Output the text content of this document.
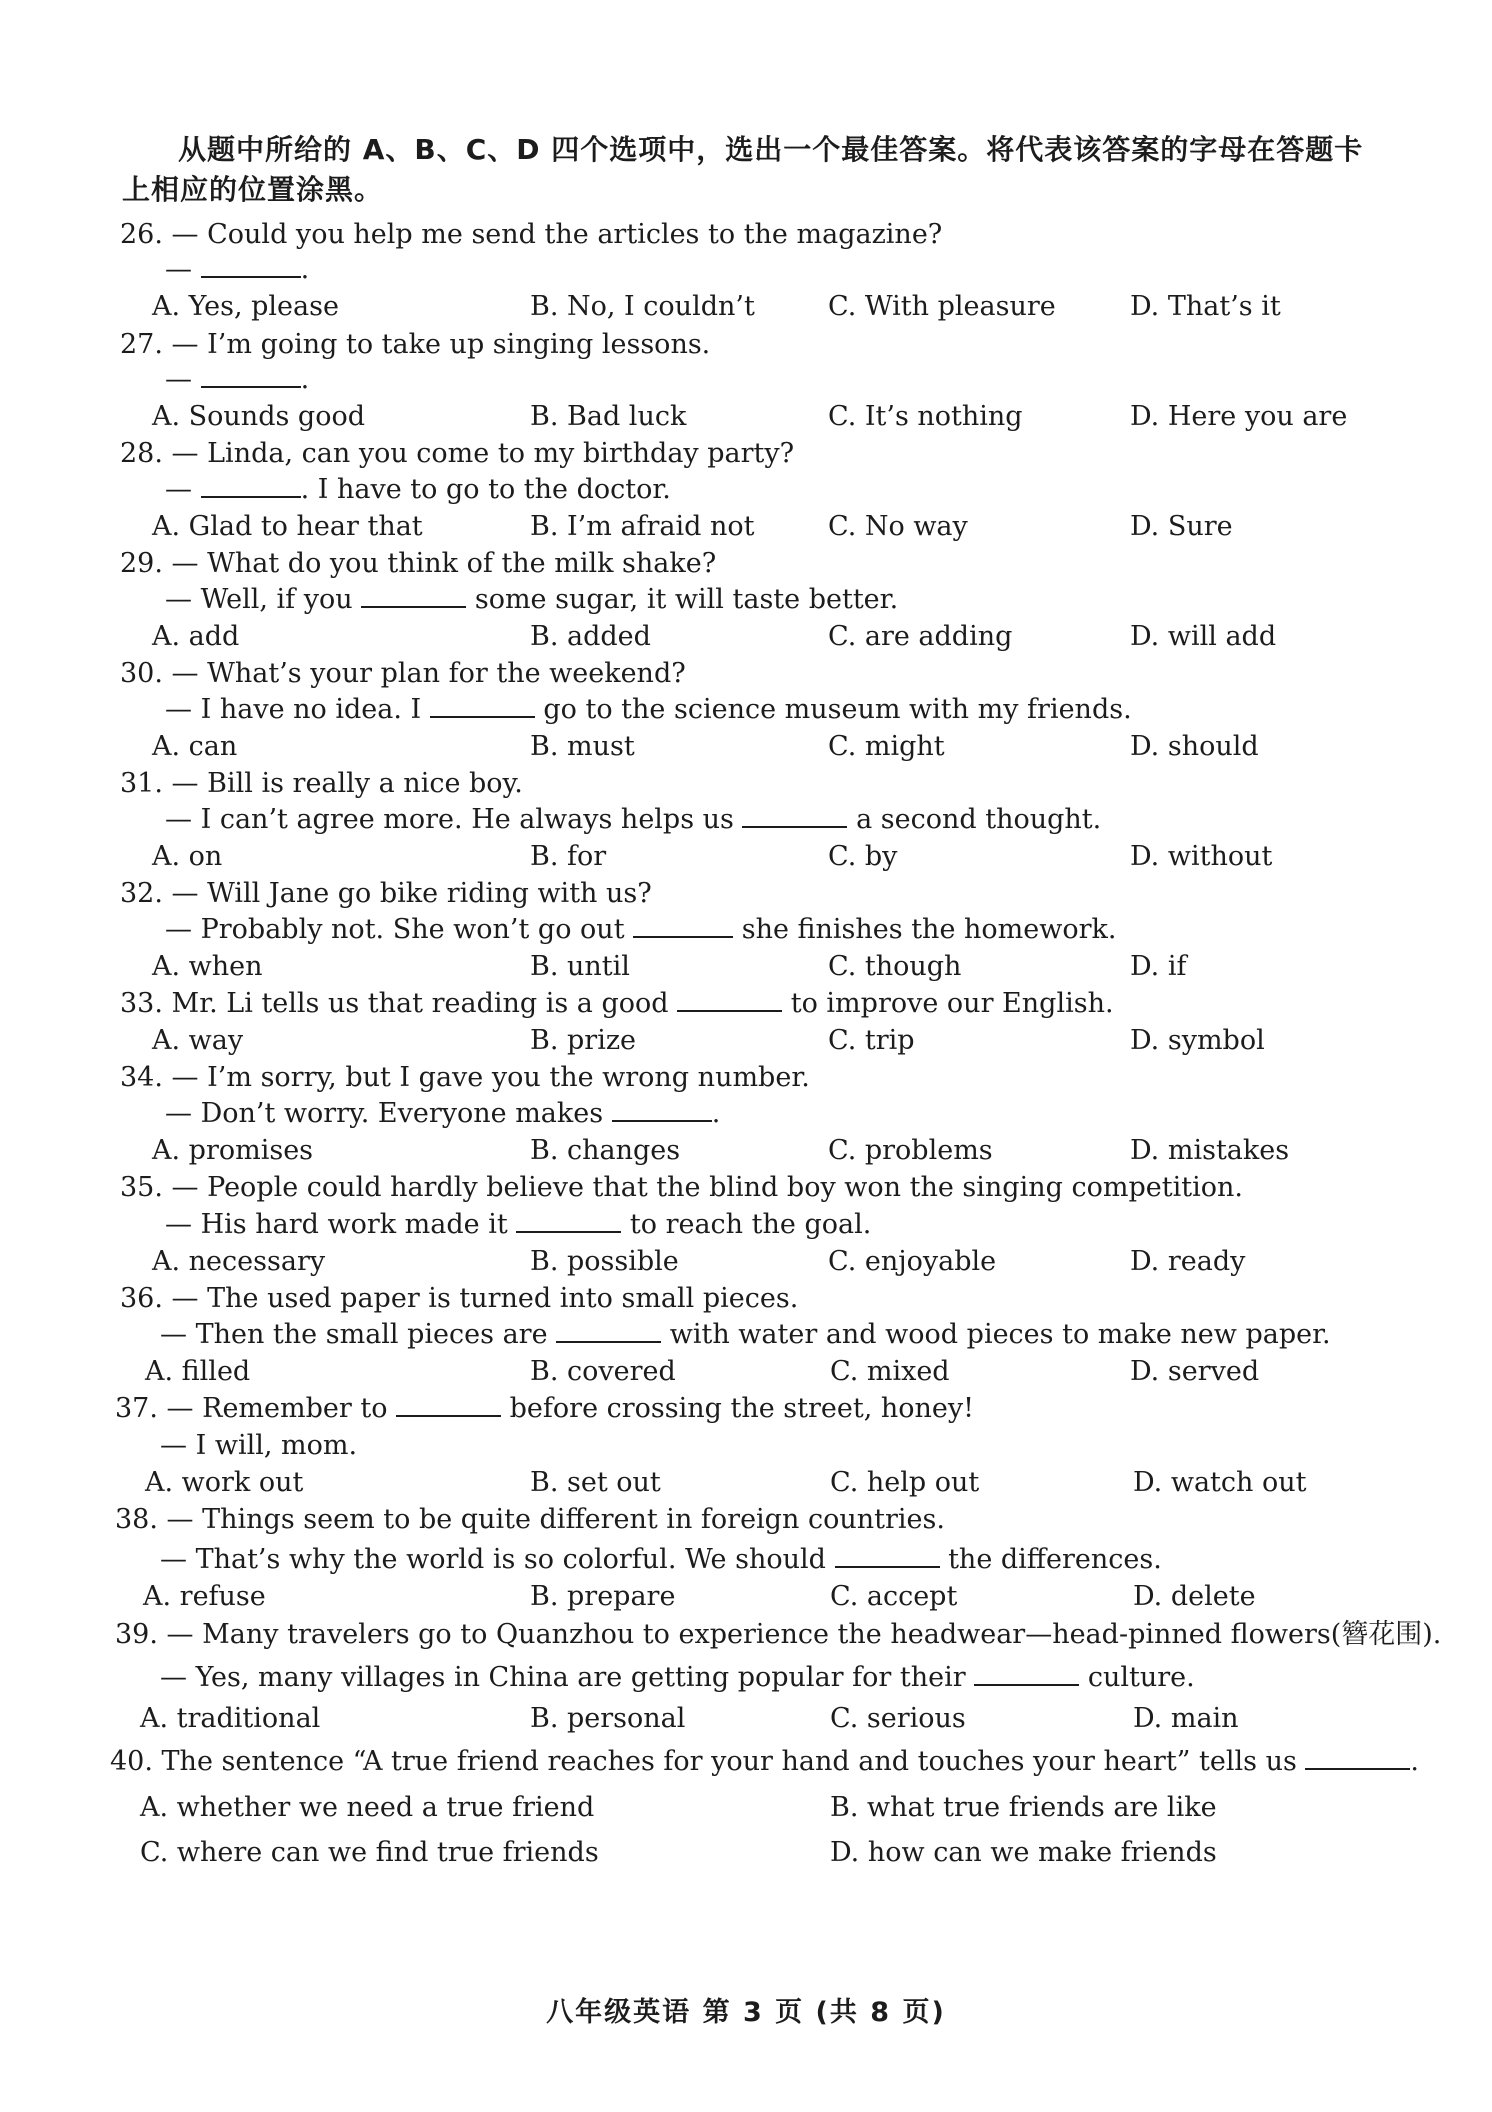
从题中所给的 A、B、C、D 四个选项中，选出一个最佳答案。将代表该答案的字母在答题卡
上相应的位置涂黑。
26. — Could you help me send the articles to the magazine?
—	.
A. Yes, please	B. No, I couldn’t	C. With pleasure	D. That’s it
27. — I’m going to take up singing lessons.
—	.
A. Sounds good	B. Bad luck	C. It’s nothing	D. Here you are
28. — Linda, can you come to my birthday party?
—	. I have to go to the doctor.
A. Glad to hear that	B. I’m afraid not	C. No way	D. Sure
29. — What do you think of the milk shake?
— Well, if you	some sugar, it will taste better.
A. add	B. added	C. are adding	D. will add
30. — What’s your plan for the weekend?
— I have no idea. I	go to the science museum with my friends.
A. can	B. must	C. might	D. should
31. — Bill is really a nice boy.
— I can’t agree more. He always helps us	a second thought.
A. on	B. for	C. by	D. without
32. — Will Jane go bike riding with us?
— Probably not. She won’t go out	she finishes the homework.
A. when	B. until	C. though	D. if
33. Mr. Li tells us that reading is a good	to improve our English.
A. way	B. prize	C. trip	D. symbol
34. — I’m sorry, but I gave you the wrong number.
— Don’t worry. Everyone makes	.
A. promises	B. changes	C. problems	D. mistakes
35. — People could hardly believe that the blind boy won the singing competition.
— His hard work made it	to reach the goal.
A. necessary	B. possible	C. enjoyable	D. ready
36. — The used paper is turned into small pieces.
— Then the small pieces are	with water and wood pieces to make new paper.
A. filled	B. covered	C. mixed	D. served
37. — Remember to	before crossing the street, honey!
— I will, mom.
A. work out	B. set out	C. help out	D. watch out
38. — Things seem to be quite different in foreign countries.
— That’s why the world is so colorful. We should	the differences.
A. refuse	B. prepare	C. accept	D. delete
39. — Many travelers go to Quanzhou to experience the headwear—head-pinned flowers(簪花围).
— Yes, many villages in China are getting popular for their	culture.
A. traditional	B. personal	C. serious	D. main
40. The sentence “A true friend reaches for your hand and touches your heart” tells us	.
A. whether we need a true friend	B. what true friends are like
C. where can we find true friends	D. how can we make friends
八年级英语 第 3 页 (共 8 页)
